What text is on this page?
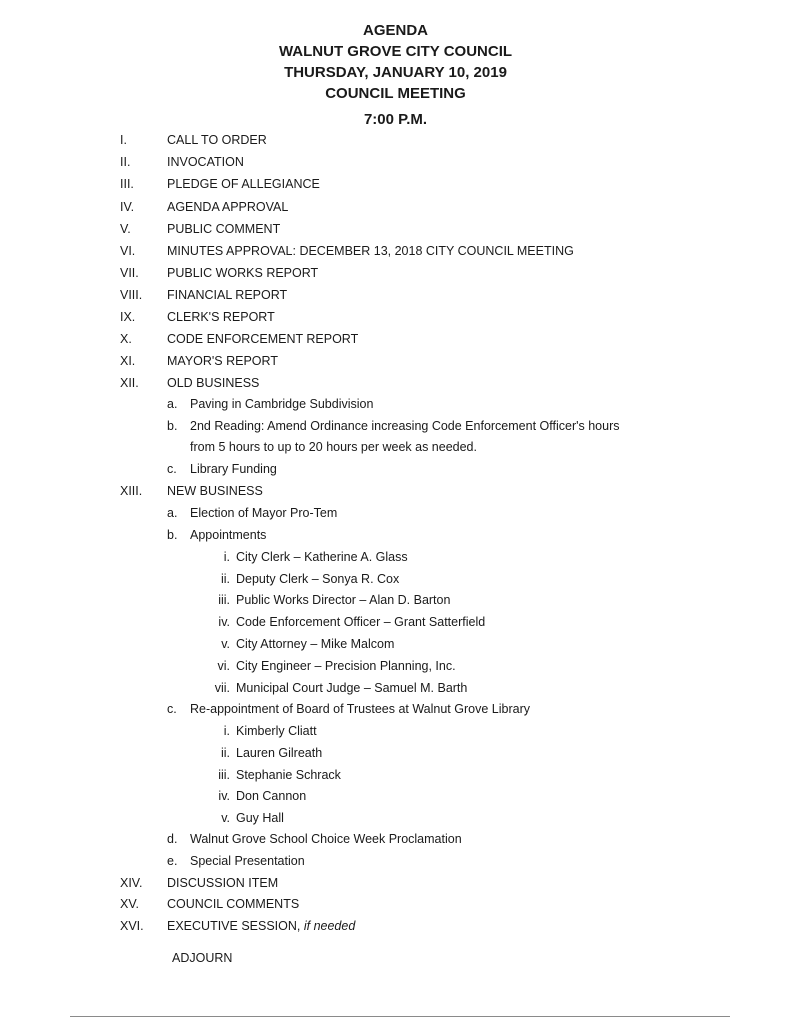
AGENDA
WALNUT GROVE CITY COUNCIL
THURSDAY, JANUARY 10, 2019
COUNCIL MEETING
7:00 P.M.
I.	CALL TO ORDER
II.	INVOCATION
III.	PLEDGE OF ALLEGIANCE
IV.	AGENDA APPROVAL
V.	PUBLIC COMMENT
VI.	MINUTES APPROVAL: DECEMBER 13, 2018 CITY COUNCIL MEETING
VII. PUBLIC WORKS REPORT
VIII. FINANCIAL REPORT
IX.	CLERK'S REPORT
X.	CODE ENFORCEMENT REPORT
XI.	MAYOR'S REPORT
XII. OLD BUSINESS
a. Paving in Cambridge Subdivision
b. 2nd Reading: Amend Ordinance increasing Code Enforcement Officer's hours
from 5 hours to up to 20 hours per week as needed.
c. Library Funding
XIII. NEW BUSINESS
a. Election of Mayor Pro-Tem
b. Appointments
i. City Clerk – Katherine A. Glass
ii. Deputy Clerk – Sonya R. Cox
iii. Public Works Director – Alan D. Barton
iv. Code Enforcement Officer – Grant Satterfield
v. City Attorney – Mike Malcom
vi. City Engineer – Precision Planning, Inc.
vii. Municipal Court Judge – Samuel M. Barth
c. Re-appointment of Board of Trustees at Walnut Grove Library
i. Kimberly Cliatt
ii. Lauren Gilreath
iii. Stephanie Schrack
iv. Don Cannon
v. Guy Hall
d. Walnut Grove School Choice Week Proclamation
e. Special Presentation
XIV. DISCUSSION ITEM
XV. COUNCIL COMMENTS
XVI. EXECUTIVE SESSION, if needed
ADJOURN
